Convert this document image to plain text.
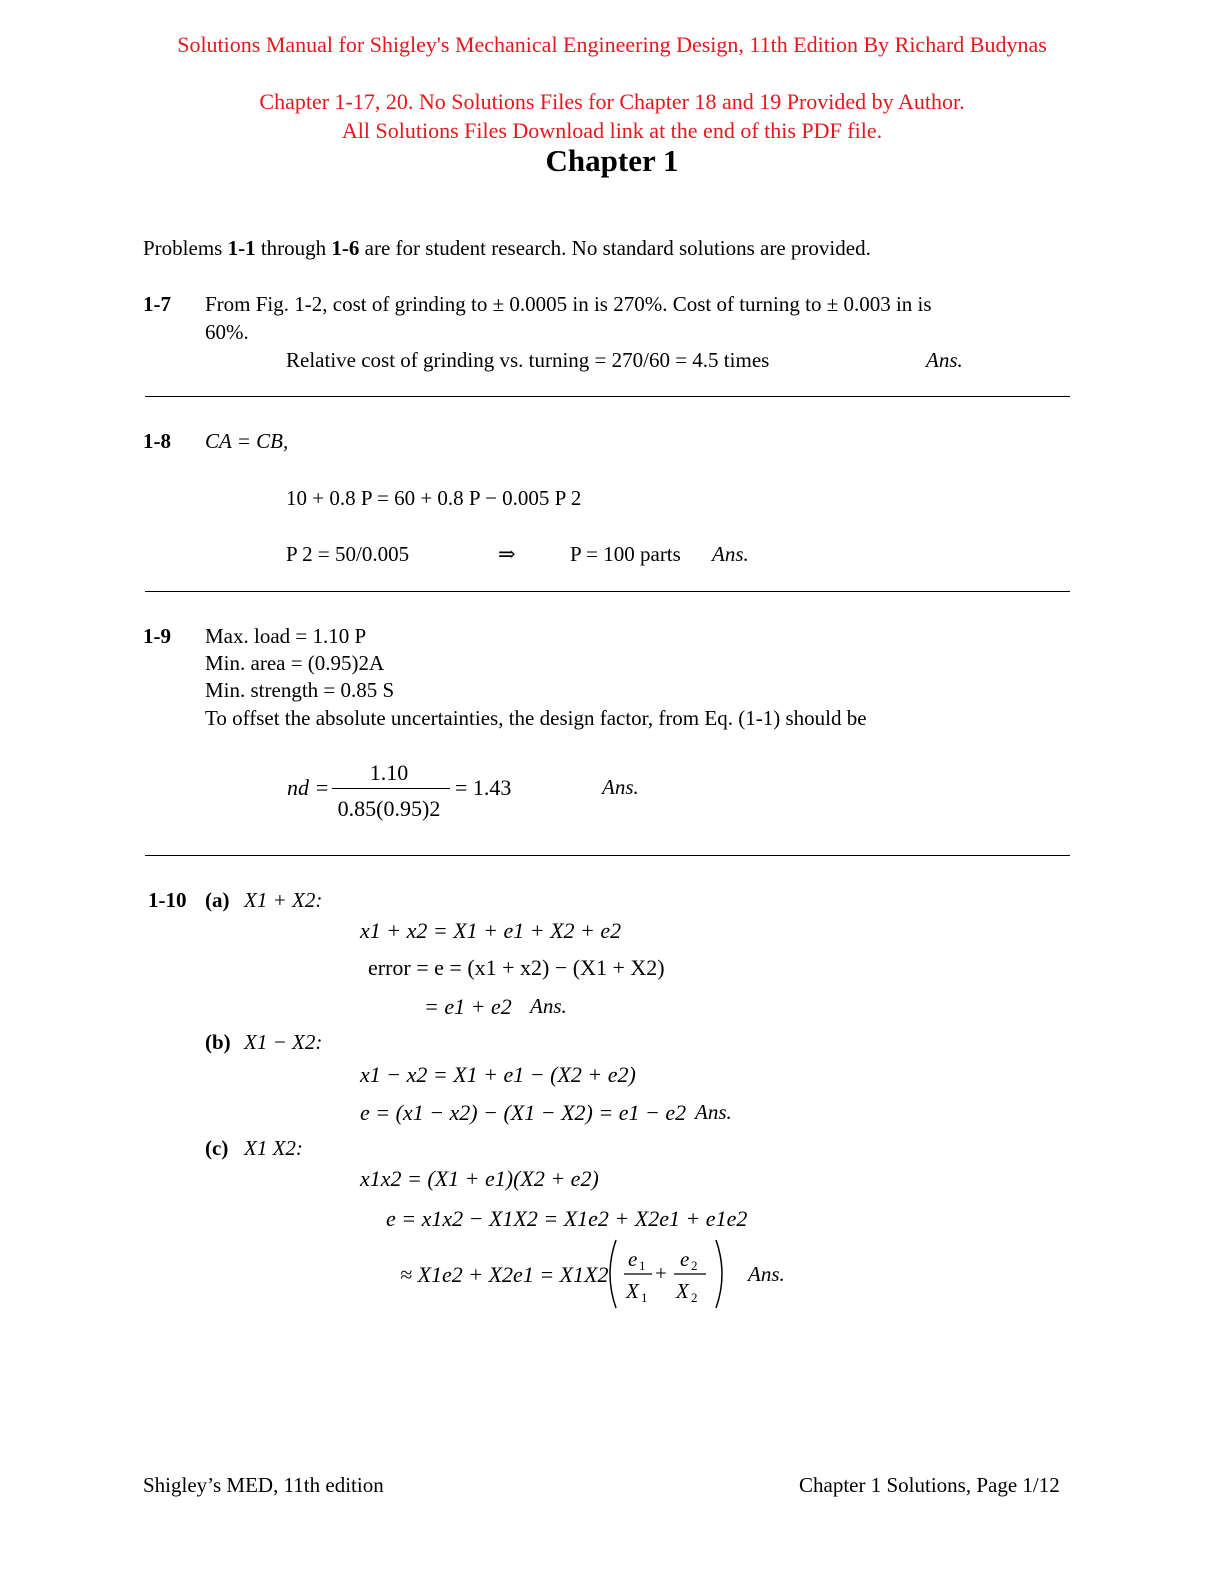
Solutions Manual for Shigley's Mechanical Engineering Design, 11th Edition By Richard Budynas
Chapter 1-17, 20. No Solutions Files for Chapter 18 and 19 Provided by Author.
All Solutions Files Download link at the end of this PDF file.
Chapter 1
Problems 1-1 through 1-6 are for student research. No standard solutions are provided.
1-7 From Fig. 1-2, cost of grinding to ± 0.0005 in is 270%. Cost of turning to ± 0.003 in is
60%.
Relative cost of grinding vs. turning = 270/60 = 4.5 times	Ans.
1-8 CA = CB,
10 + 0.8 P = 60 + 0.8 P − 0.005 P 2
P 2 = 50/0.005	⇒	P = 100 parts Ans.
1-9 Max. load = 1.10 P
Min. area = (0.95)2A
Min. strength = 0.85 S
To offset the absolute uncertainties, the design factor, from Eq. (1-1) should be
nd =
1.10
0.85(0.95)2
= 1.43	Ans.
1-10 (a) X1 + X2:
x1 + x2 = X1 + e1 + X2 + e2
error = e = (x1 + x2) − (X1 + X2)
= e1 + e2 Ans.
(b) X1 − X2:
x1 − x2 = X1 + e1 − (X2 + e2)
e = (x1 − x2) − (X1 − X2) = e1 − e2 Ans.
(c) X1 X2:
x1x2 = (X1 + e1)(X2 + e2)
e = x1x2 − X1X2 = X1e2 + X2e1 + e1e2
≈ X1e2 + X2e1 = X1X2
e 1
X 1
+
e 2
X 2
Ans.
Shigley’s MED, 11th edition	Chapter 1 Solutions, Page 1/12
